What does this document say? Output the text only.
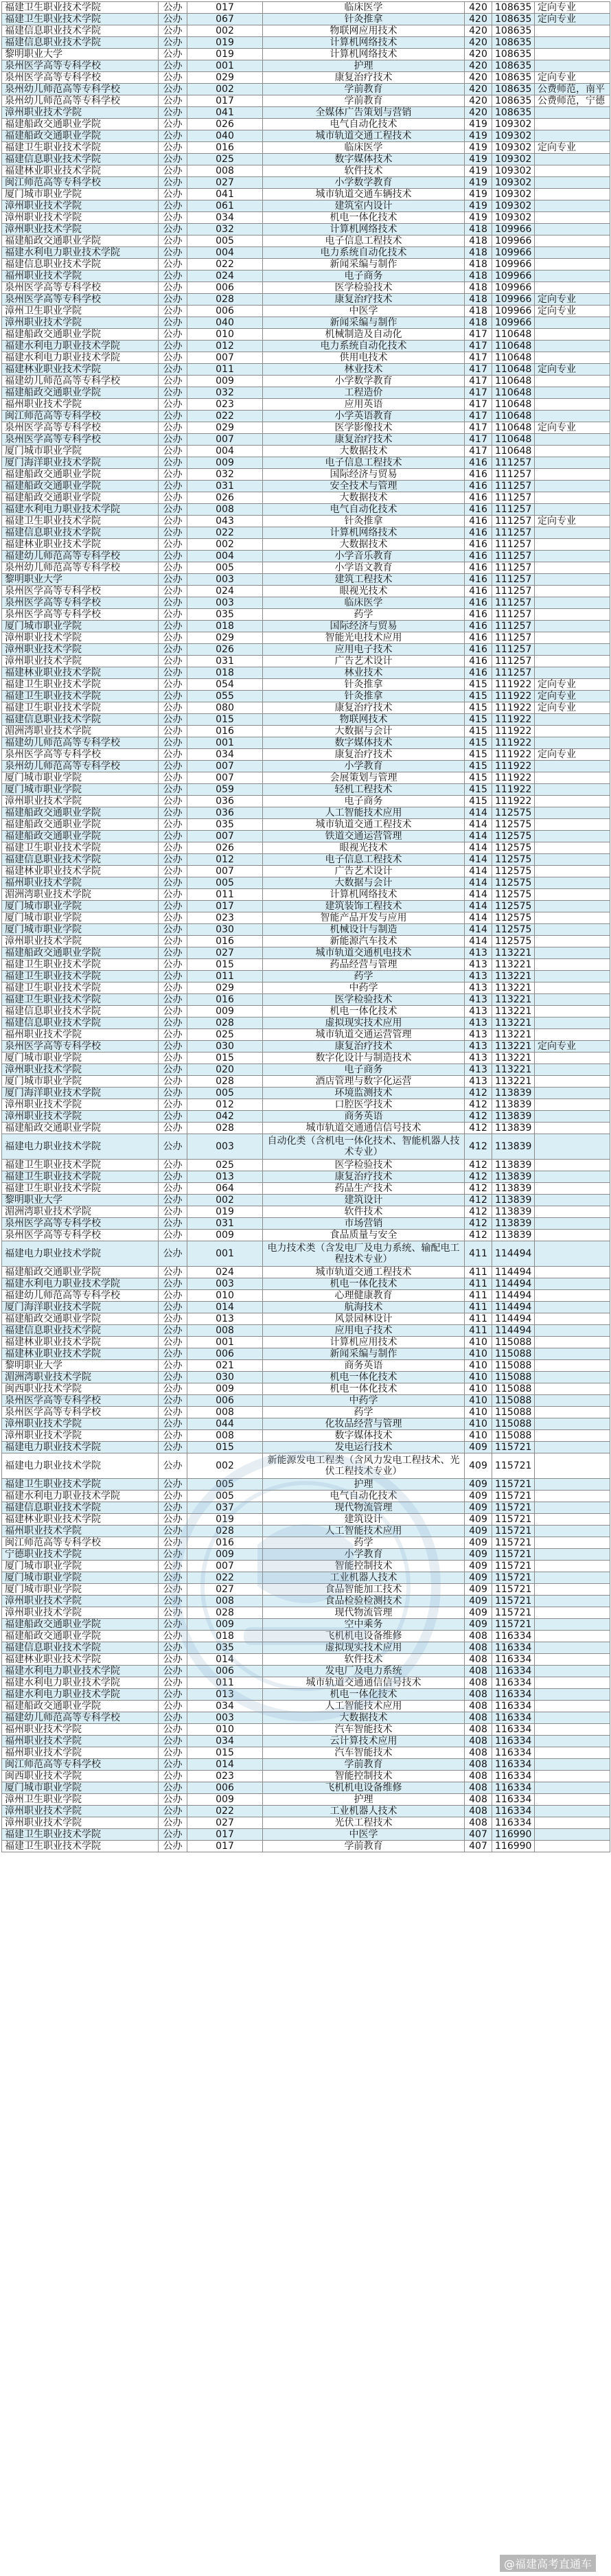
福建卫生职业技术学院	公办	017	临床医学	420	108635	定向专业
福建卫生职业技术学院	公办	067	针灸推拿	420	108635	定向专业
福建信息职业技术学院	公办	002	物联网应用技术	420	108635	
福建信息职业技术学院	公办	019	计算机网络技术	420	108635	
黎明职业大学	公办	019	计算机网络技术	420	108635	
泉州医学高等专科学校	公办	001	护理	420	108635	
泉州医学高等专科学校	公办	029	康复治疗技术	420	108635	定向专业
泉州幼儿师范高等专科学校	公办	002	学前教育	420	108635	公费师范，南平
泉州幼儿师范高等专科学校	公办	017	学前教育	420	108635	公费师范，宁德
漳州职业技术学院	公办	041	全媒体广告策划与营销	420	108635	
福建船政交通职业学院	公办	026	电气自动化技术	419	109302	
福建船政交通职业学院	公办	040	城市轨道交通工程技术	419	109302	
福建卫生职业技术学院	公办	016	临床医学	419	109302	定向专业
福建信息职业技术学院	公办	025	数字媒体技术	419	109302	
福建林业职业技术学院	公办	008	软件技术	419	109302	
闽江师范高等专科学校	公办	027	小学数学教育	419	109302	
厦门城市职业学院	公办	041	城市轨道交通车辆技术	419	109302	
漳州职业技术学院	公办	061	建筑室内设计	419	109302	
漳州职业技术学院	公办	034	机电一体化技术	419	109302	
漳州职业技术学院	公办	032	计算机网络技术	418	109966	
福建船政交通职业学院	公办	005	电子信息工程技术	418	109966	
福建水利电力职业技术学院	公办	004	电力系统自动化技术	418	109966	
福建信息职业技术学院	公办	022	新闻采编与制作	418	109966	
福州职业技术学院	公办	024	电子商务	418	109966	
泉州医学高等专科学校	公办	006	医学检验技术	418	109966	
泉州医学高等专科学校	公办	028	康复治疗技术	418	109966	定向专业
漳州卫生职业学院	公办	006	中医学	418	109966	定向专业
漳州职业技术学院	公办	040	新闻采编与制作	418	109966	
福建船政交通职业学院	公办	010	机械制造及自动化	417	110648	
福建水利电力职业技术学院	公办	012	电力系统自动化技术	417	110648	
福建水利电力职业技术学院	公办	007	供用电技术	417	110648	
福建林业职业技术学院	公办	011	林业技术	417	110648	定向专业
福建幼儿师范高等专科学校	公办	009	小学数学教育	417	110648	
福建船政交通职业学院	公办	032	工程造价	417	110648	
福州职业技术学院	公办	023	应用英语	417	110648	
闽江师范高等专科学校	公办	022	小学英语教育	417	110648	
泉州医学高等专科学校	公办	029	医学影像技术	417	110648	定向专业
泉州医学高等专科学校	公办	007	康复治疗技术	417	110648	
厦门城市职业学院	公办	004	大数据技术	417	110648	
厦门海洋职业技术学院	公办	009	电子信息工程技术	416	111257	
福建船政交通职业学院	公办	032	国际经济与贸易	416	111257	
福建船政交通职业学院	公办	031	安全技术与管理	416	111257	
福建船政交通职业学院	公办	026	大数据技术	416	111257	
福建水利电力职业技术学院	公办	008	电气自动化技术	416	111257	
福建卫生职业技术学院	公办	043	针灸推拿	416	111257	定向专业
福建信息职业技术学院	公办	022	计算机网络技术	416	111257	
福建林业职业技术学院	公办	002	大数据技术	416	111257	
福建幼儿师范高等专科学校	公办	004	小学音乐教育	416	111257	
泉州幼儿师范高等专科学校	公办	005	小学语文教育	416	111257	
黎明职业大学	公办	003	建筑工程技术	416	111257	
泉州医学高等专科学校	公办	024	眼视光技术	416	111257	
泉州医学高等专科学校	公办	003	临床医学	416	111257	
泉州医学高等专科学校	公办	035	药学	416	111257	
厦门城市职业学院	公办	018	国际经济与贸易	416	111257	
漳州职业技术学院	公办	029	智能光电技术应用	416	111257	
漳州职业技术学院	公办	026	应用电子技术	416	111257	
漳州职业技术学院	公办	031	广告艺术设计	416	111257	
福建林业职业技术学院	公办	018	林业技术	416	111257	
福建卫生职业技术学院	公办	054	针灸推拿	415	111922	定向专业
福建卫生职业技术学院	公办	055	针灸推拿	415	111922	定向专业
福建卫生职业技术学院	公办	080	康复治疗技术	415	111922	定向专业
福建信息职业技术学院	公办	015	物联网技术	415	111922	
湄洲湾职业技术学院	公办	016	大数据与会计	415	111922	
福建幼儿师范高等专科学校	公办	001	数字媒体技术	415	111922	
泉州医学高等专科学校	公办	034	康复治疗技术	415	111922	定向专业
泉州幼儿师范高等专科学校	公办	007	小学教育	415	111922	
厦门城市职业学院	公办	007	会展策划与管理	415	111922	
厦门城市职业学院	公办	059	轻机工程技术	415	111922	
漳州职业技术学院	公办	036	电子商务	415	111922	
福建船政交通职业学院	公办	036	人工智能技术应用	414	112575	
福建船政交通职业学院	公办	035	城市轨道交通工程技术	414	112575	
福建船政交通职业学院	公办	007	铁道交通运营管理	414	112575	
福建卫生职业技术学院	公办	026	眼视光技术	414	112575	
福建信息职业技术学院	公办	012	电子信息工程技术	414	112575	
福建林业职业技术学院	公办	007	广告艺术设计	414	112575	
福州职业技术学院	公办	005	大数据与会计	414	112575	
湄洲湾职业技术学院	公办	011	计算机网络技术	414	112575	
厦门城市职业学院	公办	017	建筑装饰工程技术	414	112575	
厦门城市职业学院	公办	023	智能产品开发与应用	414	112575	
厦门城市职业学院	公办	030	机械设计与制造	414	112575	
漳州职业技术学院	公办	016	新能源汽车技术	414	112575	
福建船政交通职业学院	公办	027	城市轨道交通机电技术	413	113221	
福建卫生职业技术学院	公办	015	药品经营与管理	413	113221	
福建卫生职业技术学院	公办	011	药学	413	113221	
福建卫生职业技术学院	公办	029	中药学	413	113221	
福建卫生职业技术学院	公办	016	医学检验技术	413	113221	
福建信息职业技术学院	公办	009	机电一体化技术	413	113221	
福建信息职业技术学院	公办	028	虚拟现实技术应用	413	113221	
福州职业技术学院	公办	025	城市轨道交通运营管理	413	113221	
泉州医学高等专科学校	公办	030	康复治疗技术	413	113221	定向专业
厦门城市职业学院	公办	015	数字化设计与制造技术	413	113221	
漳州职业技术学院	公办	020	电子商务	413	113221	
厦门城市职业学院	公办	028	酒店管理与数字化运营	413	113221	
厦门海洋职业技术学院	公办	005	环境监测技术	412	113839	
漳州职业技术学院	公办	012	口腔医学技术	412	113839	
漳州职业技术学院	公办	042	商务英语	412	113839	
福建船政交通职业学院	公办	028	城市轨道交通通信信号技术	412	113839	
福建电力职业技术学院	公办	003	自动化类（含机电一体化技术、智能机器人技术专业）	412	113839	
福建卫生职业技术学院	公办	025	医学检验技术	412	113839	
福建卫生职业技术学院	公办	013	康复治疗技术	412	113839	
福建卫生职业技术学院	公办	064	药品生产技术	412	113839	
黎明职业大学	公办	002	建筑设计	412	113839	
湄洲湾职业技术学院	公办	019	软件技术	412	113839	
泉州医学高等专科学校	公办	031	市场营销	412	113839	
泉州医学高等专科学校	公办	009	食品质量与安全	412	113839	
福建电力职业技术学院	公办	001	电力技术类（含发电厂及电力系统、输配电工程技术专业）	411	114494	
福建船政交通职业学院	公办	024	城市轨道交通工程技术	411	114494	
福建水利电力职业技术学院	公办	003	机电一体化技术	411	114494	
福建幼儿师范高等专科学校	公办	010	心理健康教育	411	114494	
厦门海洋职业技术学院	公办	014	航海技术	411	114494	
福建船政交通职业学院	公办	013	风景园林设计	411	114494	
福建信息职业技术学院	公办	008	应用电子技术	411	114494	
福建林业职业技术学院	公办	001	计算机应用技术	410	115088	
福建林业职业技术学院	公办	006	新闻采编与制作	410	115088	
黎明职业大学	公办	021	商务英语	410	115088	
湄洲湾职业技术学院	公办	030	机电一体化技术	410	115088	
闽西职业技术学院	公办	009	机电一体化技术	410	115088	
泉州医学高等专科学校	公办	006	中药学	410	115088	
泉州医学高等专科学校	公办	008	药学	410	115088	
漳州职业技术学院	公办	044	化妆品经营与管理	410	115088	
漳州职业技术学院	公办	008	数字媒体技术	410	115088	
福建电力职业技术学院	公办	015	发电运行技术	409	115721	
福建电力职业技术学院	公办	002	新能源发电工程类（含风力发电工程技术、光伏工程技术专业）	409	115721	
福建卫生职业技术学院	公办	005	护理	409	115721	
福建水利电力职业技术学院	公办	005	电气自动化技术	409	115721	
福建信息职业技术学院	公办	037	现代物流管理	409	115721	
福建林业职业技术学院	公办	019	建筑设计	409	115721	
福州职业技术学院	公办	028	人工智能技术应用	409	115721	
闽江师范高等专科学校	公办	016	药学	409	115721	
宁德职业技术学院	公办	009	小学教育	409	115721	
厦门城市职业学院	公办	007	智能控制技术	409	115721	
厦门城市职业学院	公办	022	工业机器人技术	409	115721	
厦门城市职业学院	公办	027	食品智能加工技术	409	115721	
漳州职业技术学院	公办	008	食品检验检测技术	409	115721	
漳州职业技术学院	公办	028	现代物流管理	409	115721	
福建船政交通职业学院	公办	009	空中乘务	409	115721	
福建船政交通职业学院	公办	018	飞机机电设备维修	408	116334	
福建信息职业技术学院	公办	035	虚拟现实技术应用	408	116334	
福建林业职业技术学院	公办	014	软件技术	408	116334	
福建水利电力职业技术学院	公办	006	发电厂及电力系统	408	116334	
福建水利电力职业技术学院	公办	011	城市轨道交通通信信号技术	408	116334	
福建水利电力职业技术学院	公办	013	机电一体化技术	408	116334	
福建船政交通职业学院	公办	034	人工智能技术应用	408	116334	
福建幼儿师范高等专科学校	公办	003	大数据技术	408	116334	
福州职业技术学院	公办	010	汽车智能技术	408	116334	
福州职业技术学院	公办	034	云计算技术应用	408	116334	
福州职业技术学院	公办	015	汽车智能技术	408	116334	
闽江师范高等专科学校	公办	014	学前教育	408	116334	
闽西职业技术学院	公办	023	智能控制技术	408	116334	
厦门城市职业学院	公办	006	飞机机电设备维修	408	116334	
漳州卫生职业学院	公办	009	护理	408	116334	
漳州职业技术学院	公办	022	工业机器人技术	408	116334	
漳州职业技术学院	公办	027	光伏工程技术	408	116334	
福建卫生职业技术学院	公办	017	中医学	407	116990	
福建卫生职业技术学院	公办	017	学前教育	407	116990	
@福建高考直通车
